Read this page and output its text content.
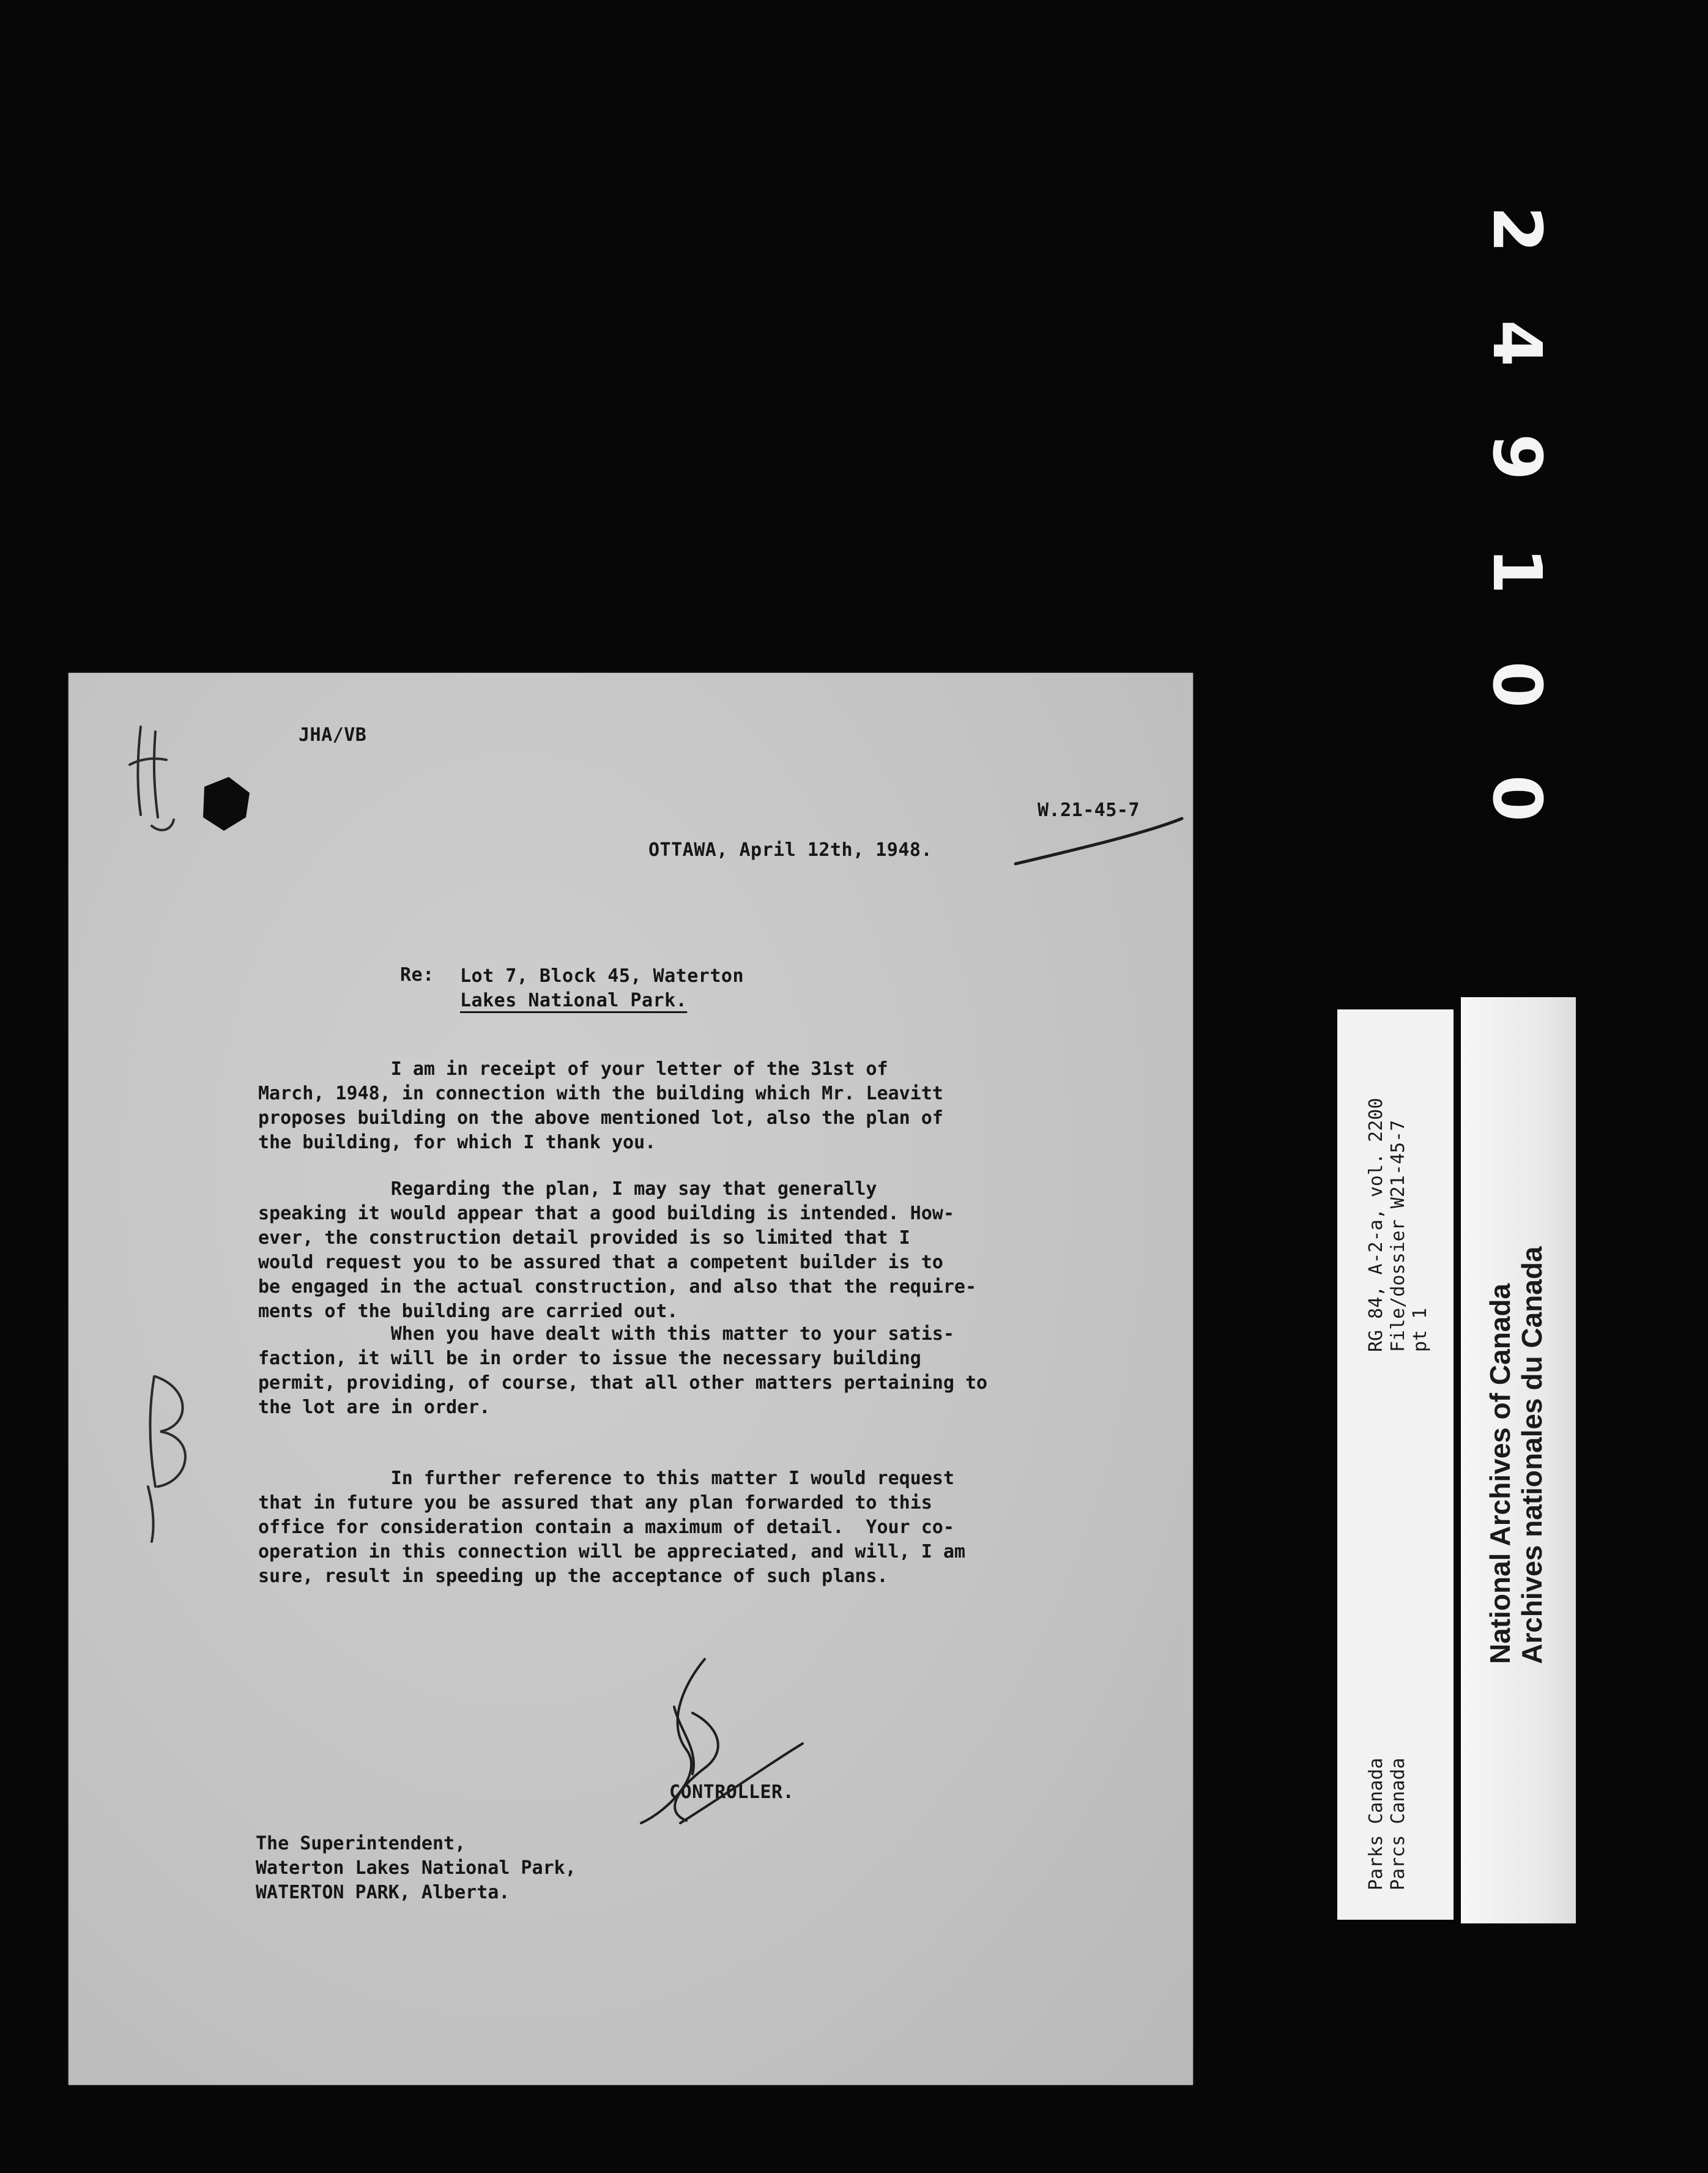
2
4
9
1
0
0
JHA/VB
W.21-45-7
OTTAWA, April 12th, 1948.
Re: Lot 7, Block 45, Waterton
Lakes National Park.
I am in receipt of your letter of the 31st of
March, 1948, in connection with the building which Mr. Leavitt
proposes building on the above mentioned lot, also the plan of
the building, for which I thank you.
Regarding the plan, I may say that generally
speaking it would appear that a good building is intended. How-
ever, the construction detail provided is so limited that I
would request you to be assured that a competent builder is to
be engaged in the actual construction, and also that the require-
ments of the building are carried out.
When you have dealt with this matter to your satis-
faction, it will be in order to issue the necessary building
permit, providing, of course, that all other matters pertaining to
the lot are in order.
In further reference to this matter I would request
that in future you be assured that any plan forwarded to this
office for consideration contain a maximum of detail.  Your co-
operation in this connection will be appreciated, and will, I am
sure, result in speeding up the acceptance of such plans.
CONTROLLER.
The Superintendent,
Waterton Lakes National Park,
WATERTON PARK, Alberta.
RG 84, A-2-a, vol. 2200 File/dossier W21-45-7 pt 1
Parks Canada Parcs Canada
National Archives of Canada Archives nationales du Canada
